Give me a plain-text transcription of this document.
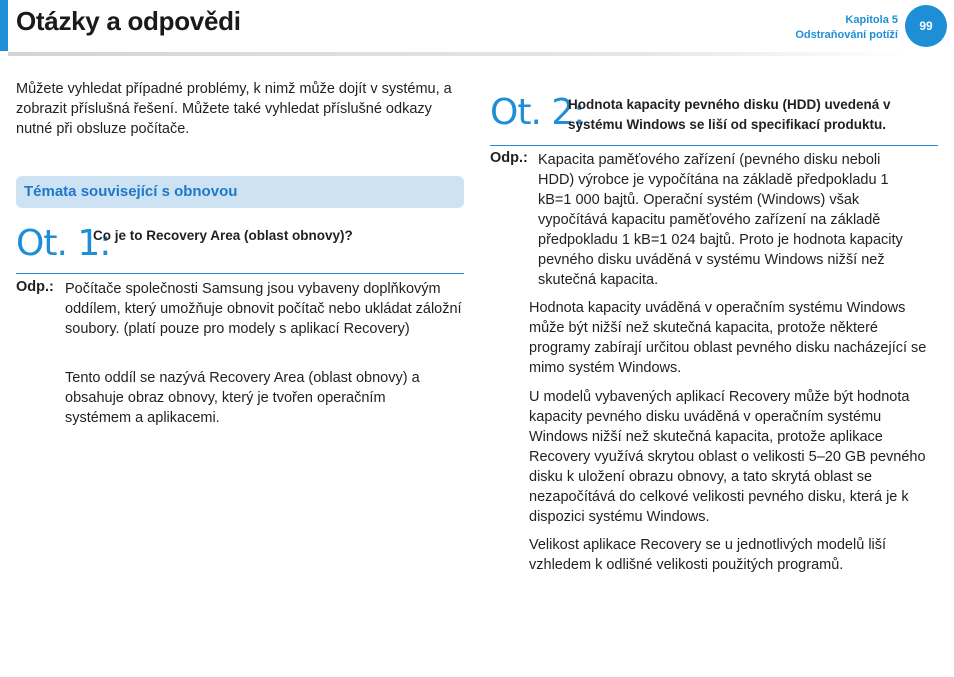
Otázky a odpovědi	Kapitola 5
Odstraňování potíží
99

Můžete vyhledat případné problémy, k nimž může dojít v systému, a zobrazit příslušná řešení. Můžete také vyhledat příslušné odkazy nutné při obsluze počítače.

Témata související s obnovou
Ot. 1:

Co je to Recovery Area (oblast obnovy)?

Odp.: Počítače společnosti Samsung jsou vybaveny doplňkovým oddílem, který umožňuje obnovit počítač nebo ukládat záložní soubory. (platí pouze pro modely s aplikací Recovery)

Tento oddíl se nazývá Recovery Area (oblast obnovy) a obsahuje obraz obnovy, který je tvořen operačním systémem a aplikacemi.

Ot. 2:

Hodnota kapacity pevného disku (HDD) uvedená v systému Windows se liší od specifikací produktu.

Odp.: Kapacita paměťového zařízení (pevného disku neboli HDD) výrobce je vypočítána na základě předpokladu 1 kB=1 000 bajtů. Operační systém (Windows) však vypočítává kapacitu paměťového zařízení na základě předpokladu 1 kB=1 024 bajtů. Proto je hodnota kapacity pevného disku uváděná v systému Windows nižší než skutečná kapacita.

Hodnota kapacity uváděná v operačním systému Windows může být nižší než skutečná kapacita, protože některé programy zabírají určitou oblast pevného disku nacházející se mimo systém Windows.

U modelů vybavených aplikací Recovery může být hodnota kapacity pevného disku uváděná v operačním systému Windows nižší než skutečná kapacita, protože aplikace Recovery využívá skrytou oblast o velikosti 5–20 GB pevného disku k uložení obrazu obnovy, a tato skrytá oblast se nezapočítává do celkové velikosti pevného disku, která je k dispozici systému Windows.

Velikost aplikace Recovery se u jednotlivých modelů liší vzhledem k odlišné velikosti použitých programů.
